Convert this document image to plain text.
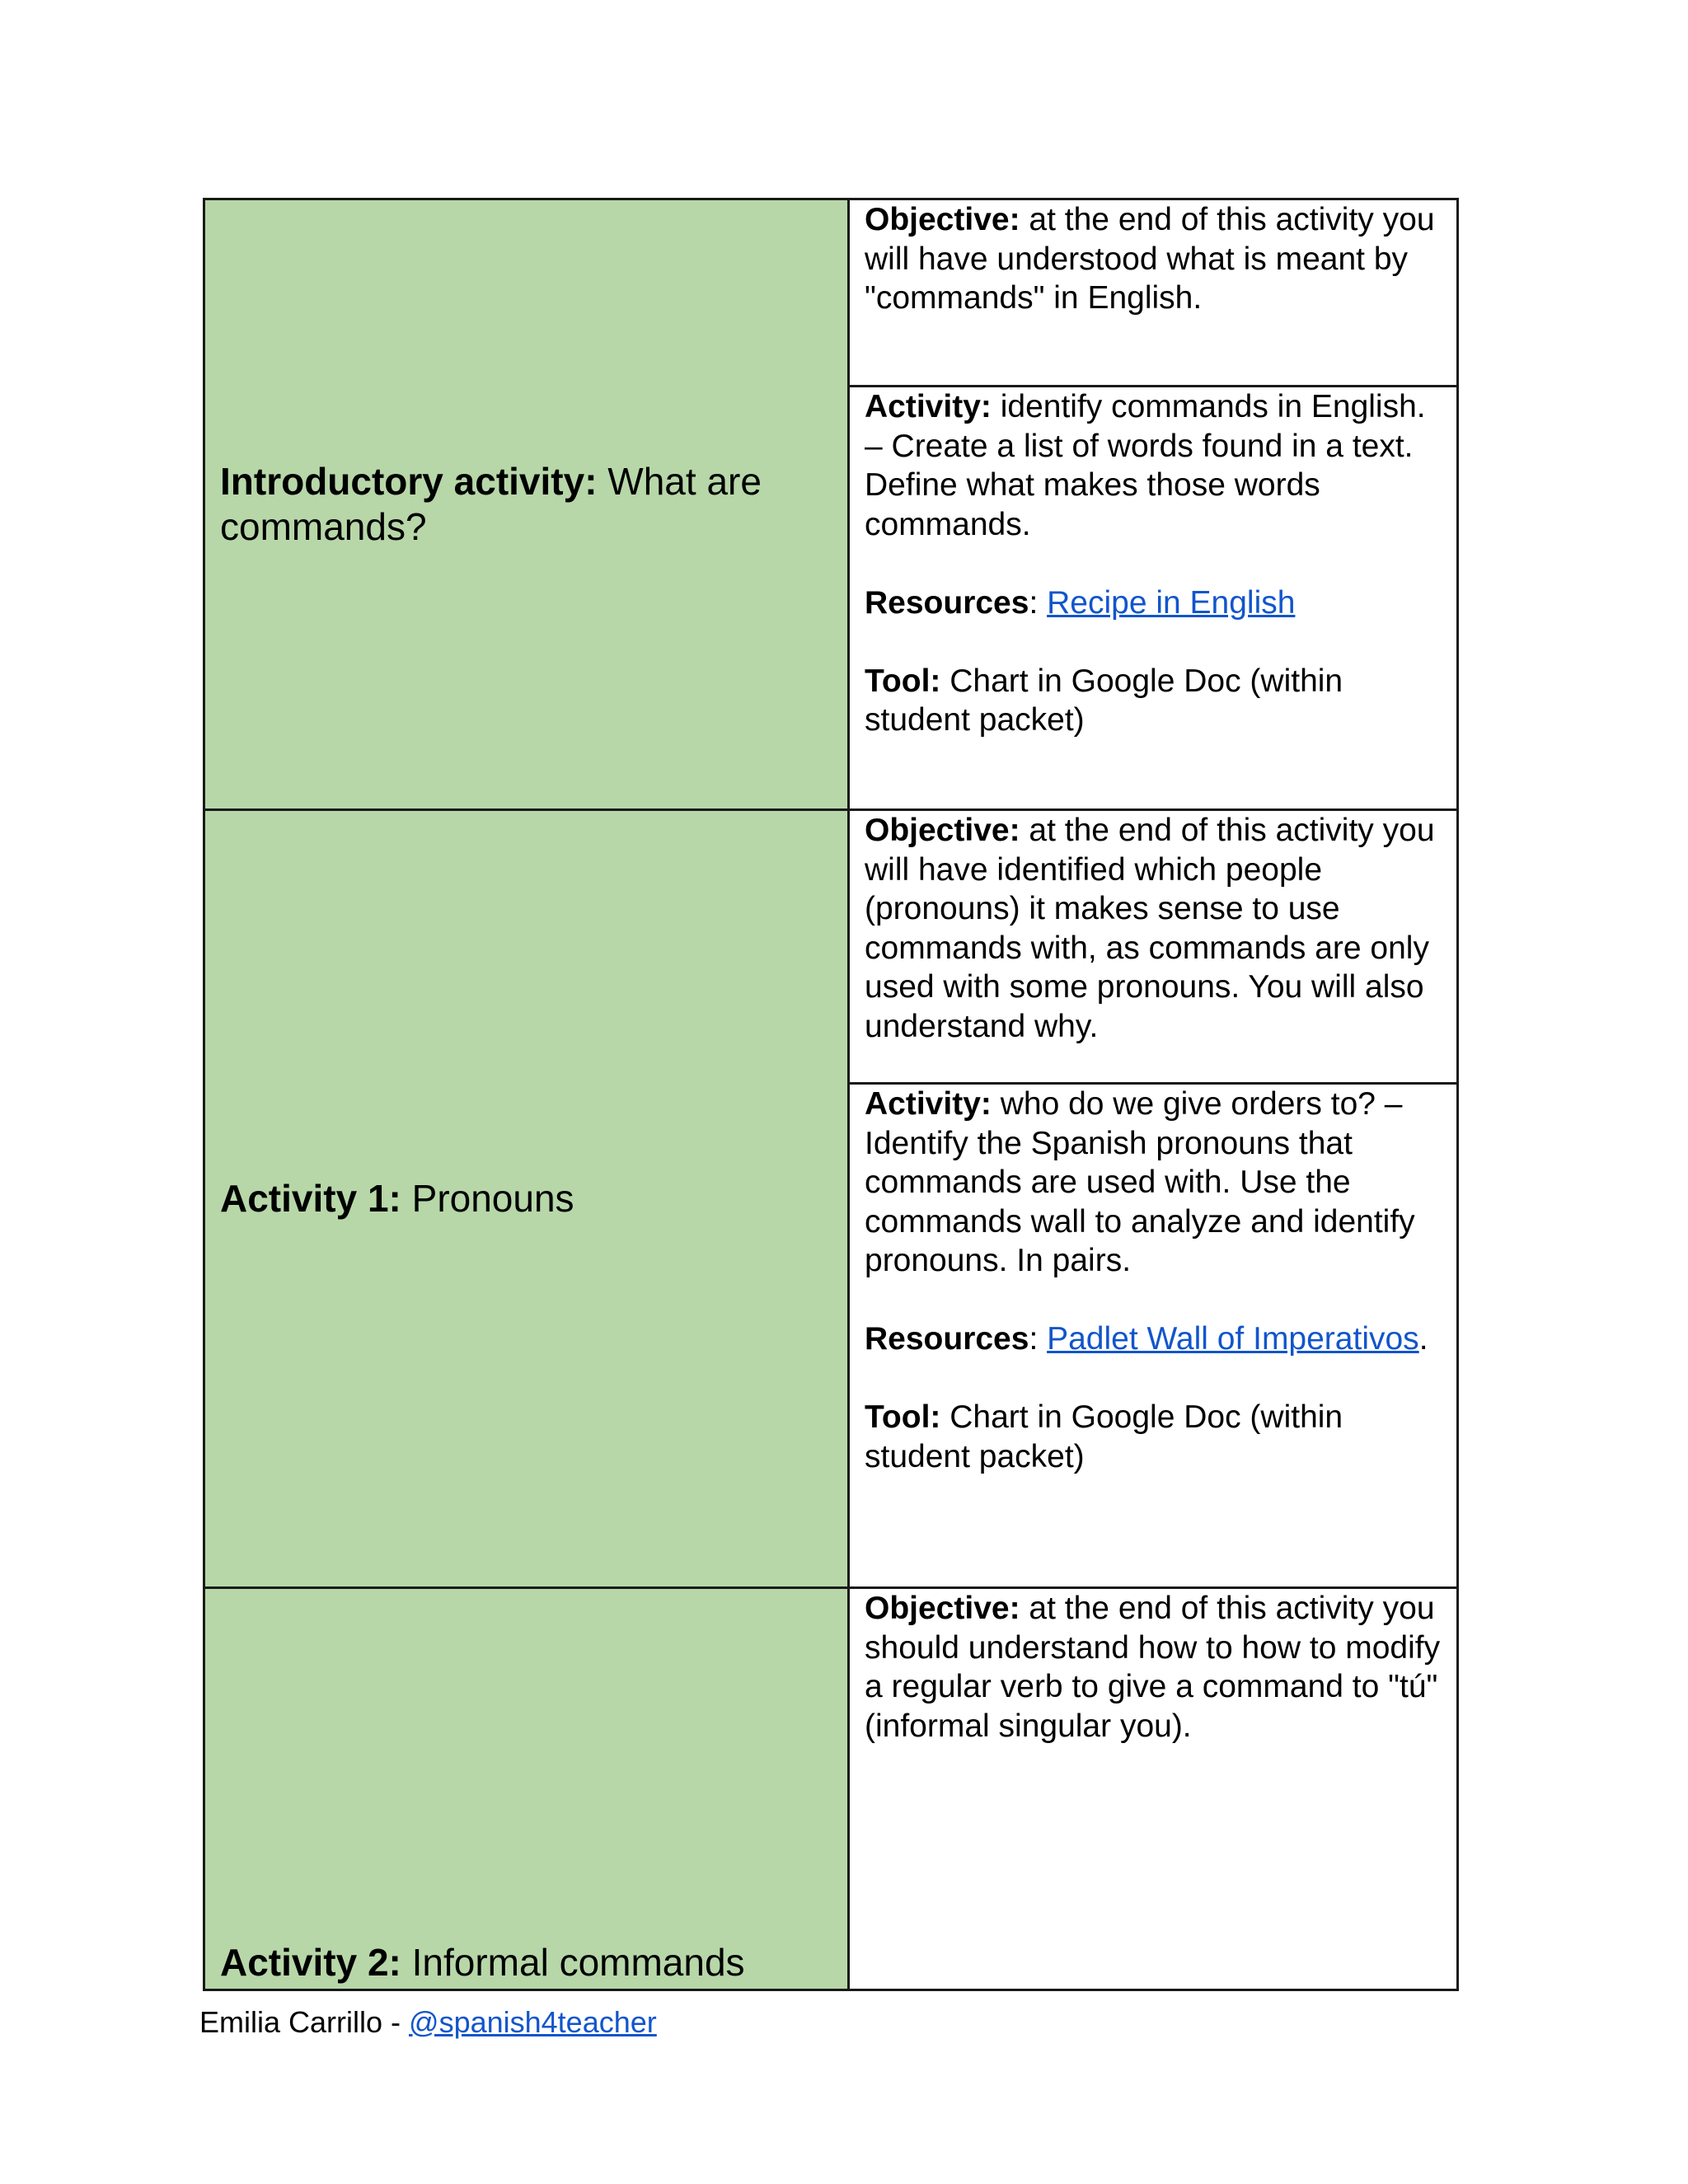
Introductory activity: What are commands?	Objective: at the end of this activity you will have understood what is meant by "commands" in English.

	Activity: identify commands in English. – Create a list of words found in a text. Define what makes those words commands.
Resources: Recipe in English
Tool: Chart in Google Doc (within student packet)

Activity 1: Pronouns	Objective: at the end of this activity you will have identified which people (pronouns) it makes sense to use commands with, as commands are only used with some pronouns. You will also understand why.

	Activity: who do we give orders to? – Identify the Spanish pronouns that commands are used with. Use the commands wall to analyze and identify pronouns. In pairs.
Resources: Padlet Wall of Imperativos.
Tool: Chart in Google Doc (within student packet)

Activity 2: Informal commands	Objective: at the end of this activity you should understand how to how to modify a regular verb to give a command to "tú" (informal singular you).
Emilia Carrillo - @spanish4teacher
